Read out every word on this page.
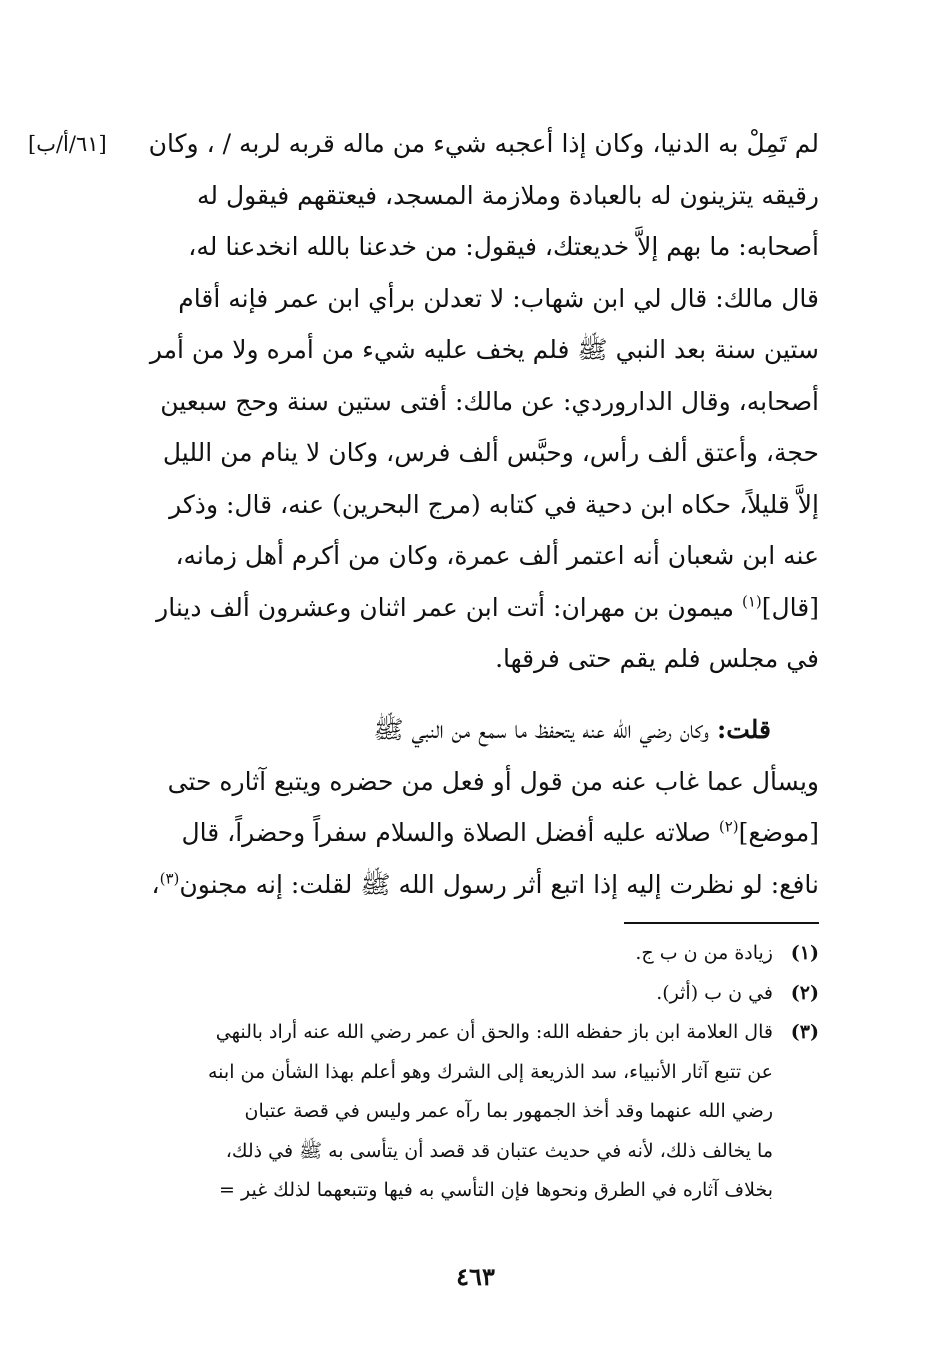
[٦١/أ/ب]	لم تَمِلْ به الدنيا، وكان إذا أعجبه شيء من ماله قربه لربه / ، وكان
رقيقه يتزينون له بالعبادة وملازمة المسجد، فيعتقهم فيقول له
أصحابه: ما بهم إلاَّ خديعتك، فيقول: من خدعنا بالله انخدعنا له،
قال مالك: قال لي ابن شهاب: لا تعدلن برأي ابن عمر فإنه أقام
ستين سنة بعد النبي ﷺ فلم يخف عليه شيء من أمره ولا من أمر
أصحابه، وقال الداروردي: عن مالك: أفتى ستين سنة وحج سبعين
حجة، وأعتق ألف رأس، وحبَّس ألف فرس، وكان لا ينام من الليل
إلاَّ قليلاً، حكاه ابن دحية في كتابه (مرج البحرين) عنه، قال: وذكر
عنه ابن شعبان أنه اعتمر ألف عمرة، وكان من أكرم أهل زمانه،
[قال]$^{(١)}$ ميمون بن مهران: أتت ابن عمر اثنان وعشرون ألف دينار
في مجلس فلم يقم حتى فرقها.
قلت: وكان رضي الله عنه يتحفظ ما سمع من النبي ﷺ
ويسأل عما غاب عنه من قول أو فعل من حضره ويتبع آثاره حتى
[موضع]$^{(٢)}$ صلاته عليه أفضل الصلاة والسلام سفراً وحضراً، قال
نافع: لو نظرت إليه إذا اتبع أثر رسول الله ﷺ لقلت: إنه مجنون$^{(٣)}$،
(١)زيادة من ن ب ج.
(٢)في ن ب (أثر).
(٣)قال العلامة ابن باز حفظه الله: والحق أن عمر رضي الله عنه أراد بالنهي
عن تتبع آثار الأنبياء، سد الذريعة إلى الشرك وهو أعلم بهذا الشأن من ابنه
رضي الله عنهما وقد أخذ الجمهور بما رآه عمر وليس في قصة عتبان
ما يخالف ذلك، لأنه في حديث عتبان قد قصد أن يتأسى به ﷺ في ذلك،
بخلاف آثاره في الطرق ونحوها فإن التأسي به فيها وتتبعهما لذلك غير =
٤٦٣
